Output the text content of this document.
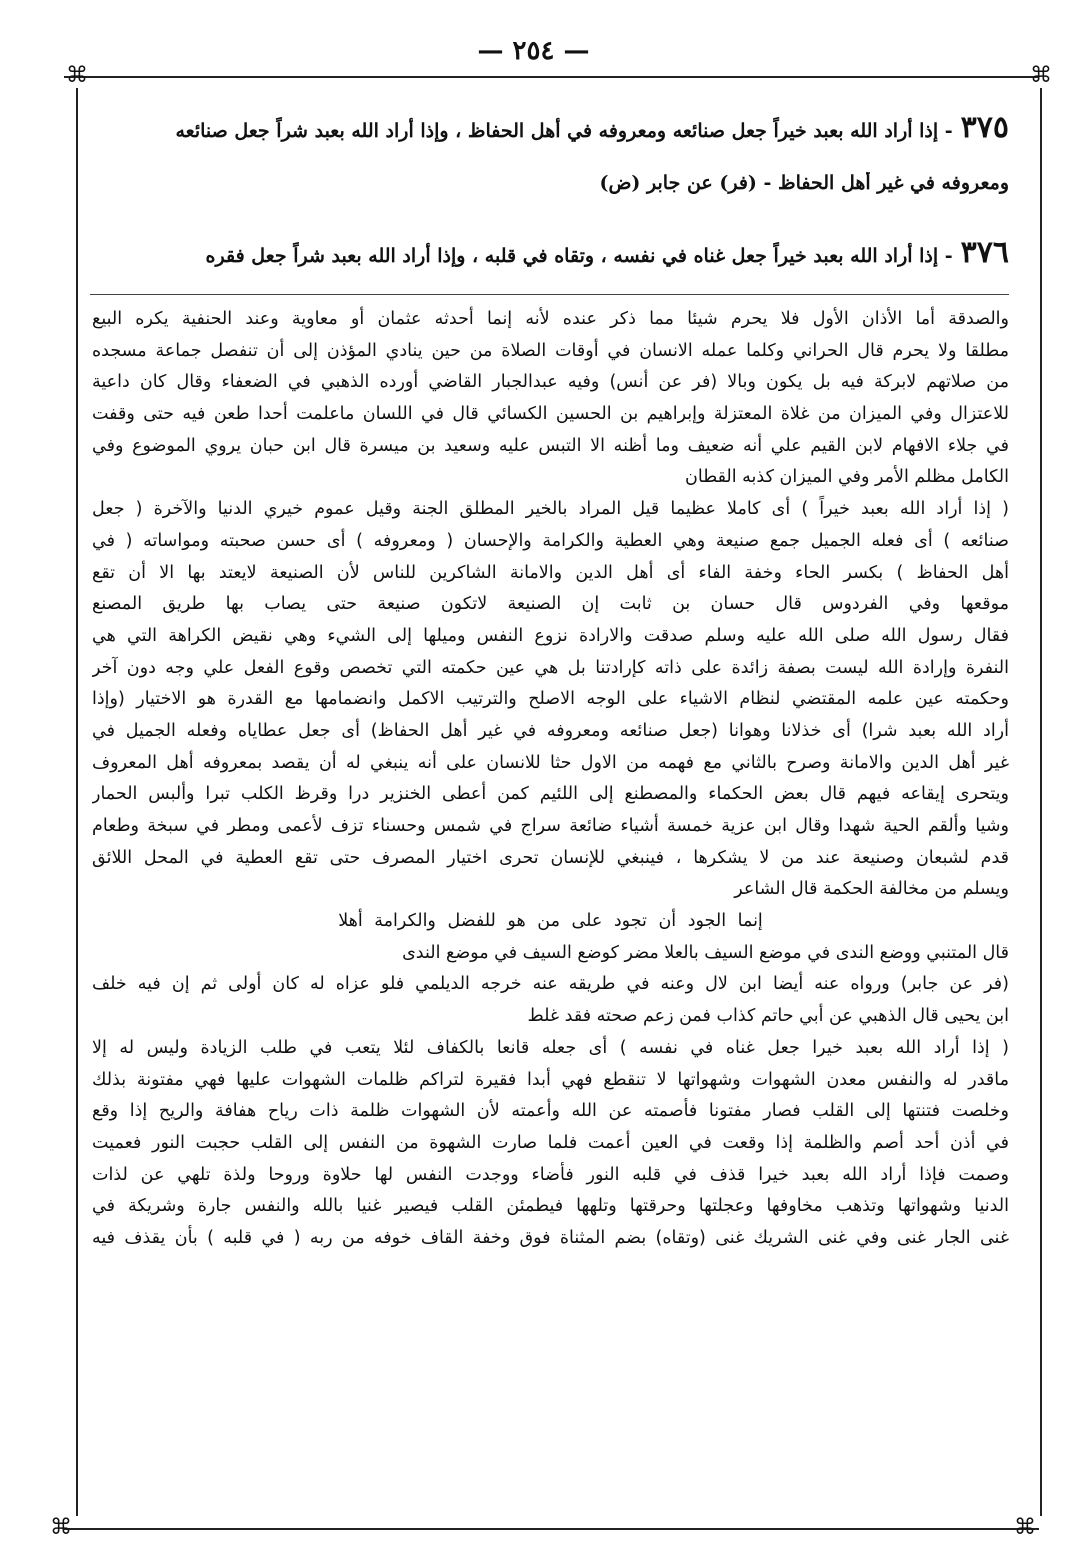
⌘	⌘
⌘	⌘
— ٢٥٤ —
٣٧٥- إذا أراد الله بعبد خيراً جعل صنائعه ومعروفه في أهل الحفاظ ، وإذا أراد الله بعبد شراً جعل صنائعه
ومعروفه في غير أهل الحفاظ - (فر) عن جابر (ض)
٣٧٦- إذا أراد الله بعبد خيراً جعل غناه في نفسه ، وتقاه في قلبه ، وإذا أراد الله بعبد شراً جعل فقره
والصدقة أما الأذان الأول فلا يحرم شيئا مما ذكر عنده لأنه إنما أحدثه عثمان أو معاوية وعند الحنفية يكره البيع
مطلقا ولا يحرم قال الحراني وكلما عمله الانسان في أوقات الصلاة من حين ينادي المؤذن إلى أن تنفصل جماعة مسجده
من صلاتهم لابركة فيه بل يكون وبالا (فر عن أنس) وفيه عبدالجبار القاضي أورده الذهبي في الضعفاء وقال كان داعية
للاعتزال وفي الميزان من غلاة المعتزلة وإبراهيم بن الحسين الكسائي قال في اللسان ماعلمت أحدا طعن فيه حتى وقفت
في جلاء الافهام لابن القيم علي أنه ضعيف وما أظنه الا التبس عليه وسعيد بن ميسرة قال ابن حبان يروي الموضوع وفي
الكامل مظلم الأمر وفي الميزان كذبه القطان
( إذا أراد الله بعبد خيراً ) أى كاملا عظيما قيل المراد بالخير المطلق الجنة وقيل عموم خيري الدنيا والآخرة ( جعل
صنائعه ) أى فعله الجميل جمع صنيعة وهي العطية والكرامة والإحسان ( ومعروفه ) أى حسن صحبته ومواساته ( في
أهل الحفاظ ) بكسر الحاء وخفة الفاء أى أهل الدين والامانة الشاكرين للناس لأن الصنيعة لايعتد بها الا أن تقع
موقعها وفي الفردوس قال حسان بن ثابت إن الصنيعة لاتكون صنيعة حتى يصاب بها طريق المصنع
فقال رسول الله صلى الله عليه وسلم صدقت والارادة نزوع النفس وميلها إلى الشيء وهي نقيض الكراهة التي هي
النفرة وإرادة الله ليست بصفة زائدة على ذاته كإرادتنا بل هي عين حكمته التي تخصص وقوع الفعل علي وجه دون آخر
وحكمته عين علمه المقتضي لنظام الاشياء على الوجه الاصلح والترتيب الاكمل وانضمامها مع القدرة هو الاختيار (وإذا
أراد الله بعبد شرا) أى خذلانا وهوانا (جعل صنائعه ومعروفه في غير أهل الحفاظ) أى جعل عطاياه وفعله الجميل في
غير أهل الدين والامانة وصرح بالثاني مع فهمه من الاول حثا للانسان على أنه ينبغي له أن يقصد بمعروفه أهل المعروف
ويتحرى إيقاعه فيهم قال بعض الحكماء والمصطنع إلى اللئيم كمن أعطى الخنزير درا وقرظ الكلب تبرا وألبس الحمار
وشيا وألقم الحية شهدا وقال ابن عزية خمسة أشياء ضائعة سراج في شمس وحسناء تزف لأعمى ومطر في سبخة وطعام
قدم لشبعان وصنيعة عند من لا يشكرها ، فينبغي للإنسان تحرى اختيار المصرف حتى تقع العطية في المحل اللائق
ويسلم من مخالفة الحكمة قال الشاعر
إنما الجود أن تجود على من هو للفضل والكرامة أهلا
قال المتنبي ووضع الندى في موضع السيف بالعلا مضر كوضع السيف في موضع الندى
(فر عن جابر) ورواه عنه أيضا ابن لال وعنه في طريقه عنه خرجه الديلمي فلو عزاه له كان أولى ثم إن فيه خلف
ابن يحيى قال الذهبي عن أبي حاتم كذاب فمن زعم صحته فقد غلط
( إذا أراد الله بعبد خيرا جعل غناه في نفسه ) أى جعله قانعا بالكفاف لئلا يتعب في طلب الزيادة وليس له إلا
ماقدر له والنفس معدن الشهوات وشهواتها لا تنقطع فهي أبدا فقيرة لتراكم ظلمات الشهوات عليها فهي مفتونة بذلك
وخلصت فتنتها إلى القلب فصار مفتونا فأصمته عن الله وأعمته لأن الشهوات ظلمة ذات رياح هفافة والريح إذا وقع
في أذن أحد أصم والظلمة إذا وقعت في العين أعمت فلما صارت الشهوة من النفس إلى القلب حجبت النور فعميت
وصمت فإذا أراد الله بعبد خيرا قذف في قلبه النور فأضاء ووجدت النفس لها حلاوة وروحا ولذة تلهي عن لذات
الدنيا وشهواتها وتذهب مخاوفها وعجلتها وحرقتها وتلهها فيطمئن القلب فيصير غنيا بالله والنفس جارة وشريكة في
غنى الجار غنى وفي غنى الشريك غنى (وتقاه) بضم المثناة فوق وخفة القاف خوفه من ربه ( في قلبه ) بأن يقذف فيه
